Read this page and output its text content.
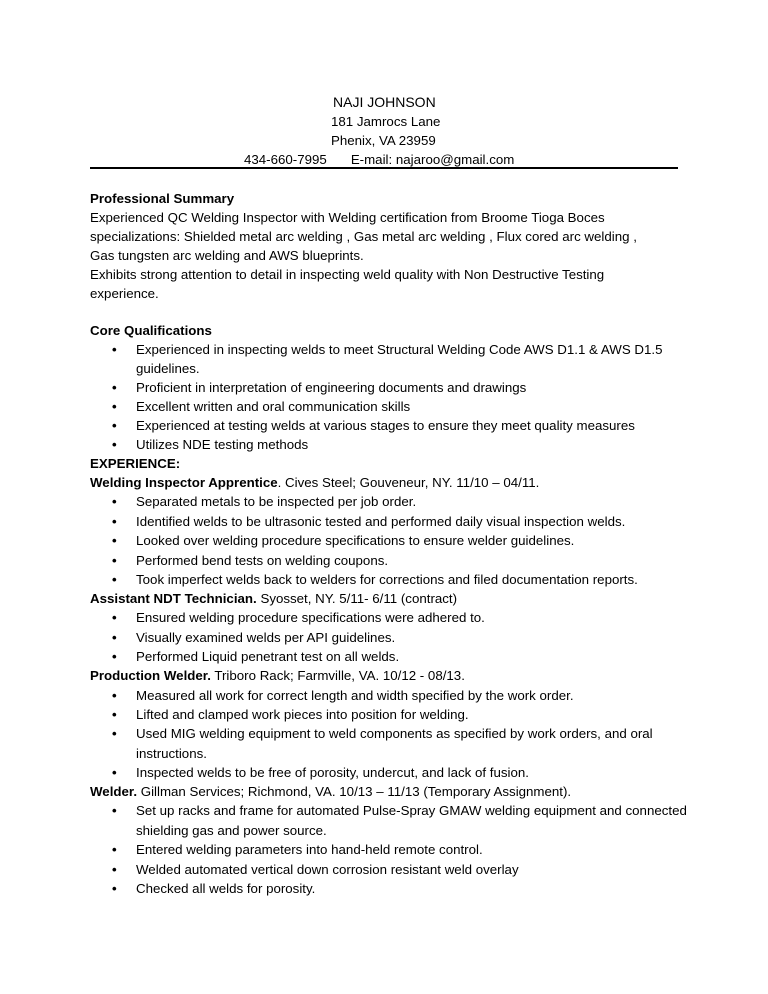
NAJI JOHNSON
181 Jamrocs Lane
Phenix, VA 23959
434-660-7995 E-mail: najaroo@gmail.com
Professional Summary
Experienced QC Welding Inspector with Welding certification from Broome Tioga Boces
specializations: Shielded metal arc welding , Gas metal arc welding , Flux cored arc welding ,
Gas tungsten arc welding and AWS blueprints.
Exhibits strong attention to detail in inspecting weld quality with Non Destructive Testing
experience.
Core Qualifications
• Experienced in inspecting welds to meet Structural Welding Code AWS D1.1 & AWS D1.5 guidelines.
• Proficient in interpretation of engineering documents and drawings
• Excellent written and oral communication skills
• Experienced at testing welds at various stages to ensure they meet quality measures
• Utilizes NDE testing methods
EXPERIENCE:
Welding Inspector Apprentice. Cives Steel; Gouveneur, NY. 11/10 – 04/11.
• Separated metals to be inspected per job order.
• Identified welds to be ultrasonic tested and performed daily visual inspection welds.
• Looked over welding procedure specifications to ensure welder guidelines.
• Performed bend tests on welding coupons.
• Took imperfect welds back to welders for corrections and filed documentation reports.
Assistant NDT Technician. Syosset, NY. 5/11- 6/11 (contract)
• Ensured welding procedure specifications were adhered to.
• Visually examined welds per API guidelines.
• Performed Liquid penetrant test on all welds.
Production Welder. Triboro Rack; Farmville, VA. 10/12 - 08/13.
• Measured all work for correct length and width specified by the work order.
• Lifted and clamped work pieces into position for welding.
• Used MIG welding equipment to weld components as specified by work orders, and oral instructions.
• Inspected welds to be free of porosity, undercut, and lack of fusion.
Welder. Gillman Services; Richmond, VA. 10/13 – 11/13 (Temporary Assignment).
• Set up racks and frame for automated Pulse-Spray GMAW welding equipment and connected shielding gas and power source.
• Entered welding parameters into hand-held remote control.
• Welded automated vertical down corrosion resistant weld overlay
• Checked all welds for porosity.
